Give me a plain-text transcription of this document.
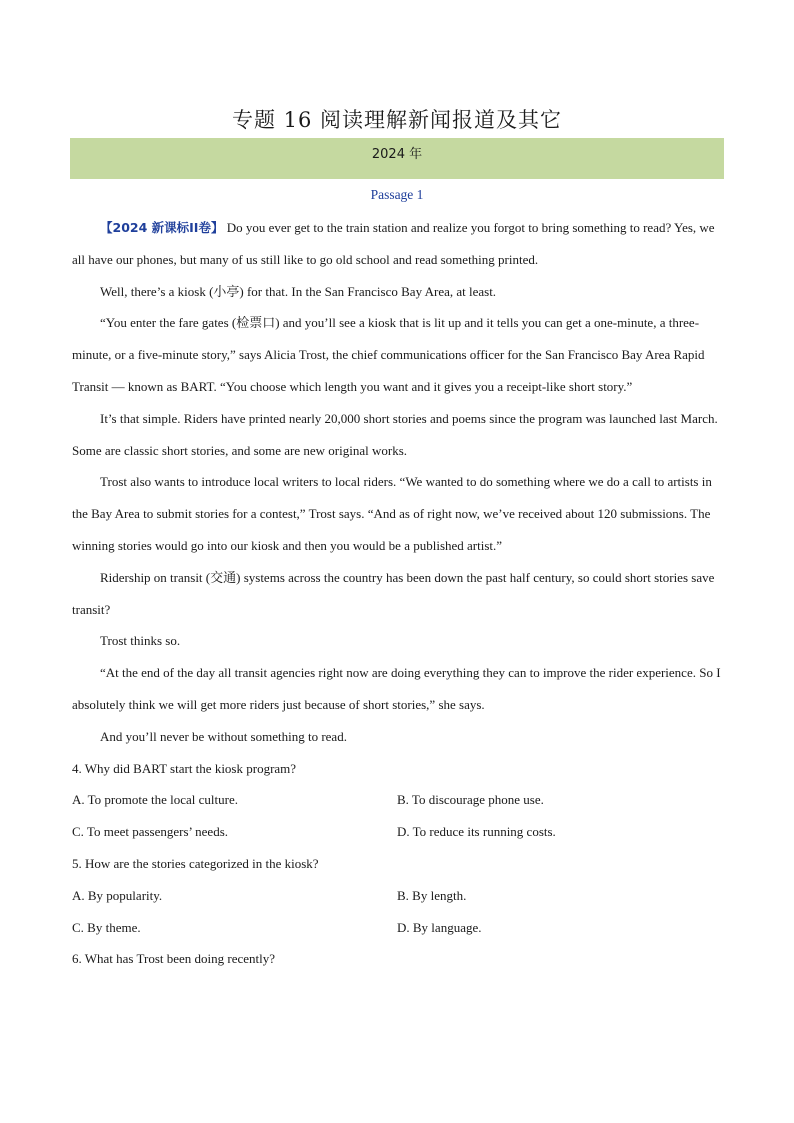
专题 16 阅读理解新闻报道及其它
2024 年
Passage 1

【2024 新课标ⅠⅠ卷】 Do you ever get to the train station and realize you forgot to bring something to read? Yes, we all have our phones, but many of us still like to go old school and read something printed.

Well, there’s a kiosk (小亭) for that. In the San Francisco Bay Area, at least.

“You enter the fare gates (检票口) and you’ll see a kiosk that is lit up and it tells you can get a one-minute, a three-minute, or a five-minute story,” says Alicia Trost, the chief communications officer for the San Francisco Bay Area Rapid Transit — known as BART. “You choose which length you want and it gives you a receipt-like short story.”

It’s that simple. Riders have printed nearly 20,000 short stories and poems since the program was launched last March. Some are classic short stories, and some are new original works.

Trost also wants to introduce local writers to local riders. “We wanted to do something where we do a call to artists in the Bay Area to submit stories for a contest,” Trost says. “And as of right now, we’ve received about 120 submissions. The winning stories would go into our kiosk and then you would be a published artist.”

Ridership on transit (交通) systems across the country has been down the past half century, so could short stories save transit?

Trost thinks so.

“At the end of the day all transit agencies right now are doing everything they can to improve the rider experience. So I absolutely think we will get more riders just because of short stories,” she says.

And you’ll never be without something to read.

4. Why did BART start the kiosk program?

A. To promote the local culture.	B. To discourage phone use.
C. To meet passengers’ needs.	D. To reduce its running costs.

5. How are the stories categorized in the kiosk?

A. By popularity.	B. By length.
C. By theme.	D. By language.

6. What has Trost been doing recently?
